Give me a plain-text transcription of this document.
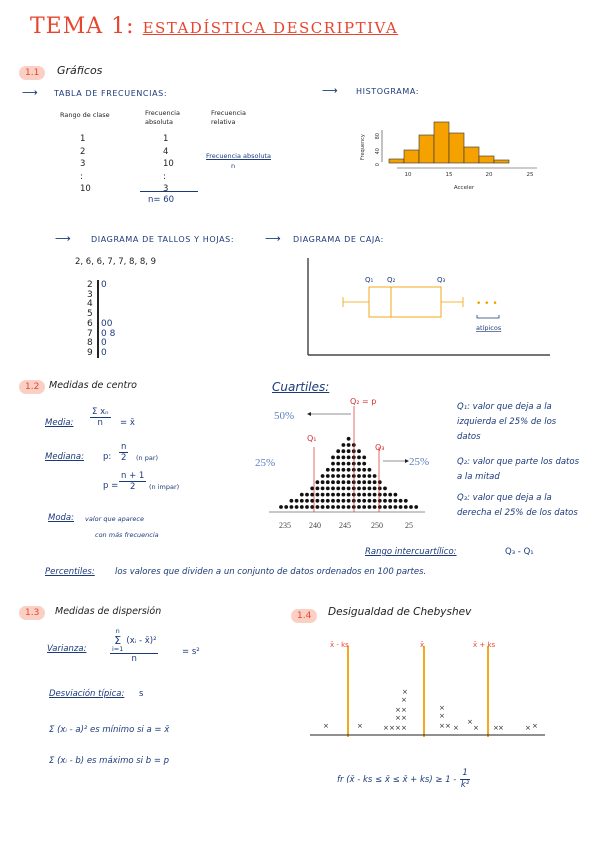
TEMA 1: ESTADÍSTICA DESCRIPTIVA
1.1	Gráficos
⟶ TABLA DE FRECUENCIAS:
Rango de clase	Frecuencia absoluta
Frecuencia relativa
1	1
2	4
3	10
:	:
10	3
n= 60
Frecuencia absoluta
n
⟶ HISTOGRAMA:
0
40
80
Frequency
10	15	20	25
Acceler
⟶	DIAGRAMA DE TALLOS Y HOJAS:
2, 6, 6, 7, 7, 8, 8, 9
2 0
3
4
5
6 00
7 0 8
8 0
9 0
⟶ DIAGRAMA DE CAJA:
Q₁ Q₂	Q₃
• • •
atípicos
1.2	Medidas de centro
Media: $\frac{\text{Σ xₙ}}{n}$ = x̄
Mediana: p: $\frac{n}{2} (n$ par)
$p = \frac{n + 1}{2} (n$ impar)
Moda: valor que aparece
con más frecuencia
Cuartiles:
50%
25%	25%
Q₂ = p
Q₁
Q₃
235 240 245	250	25
Q₁: valor que deja a la izquierda el 25% de los datos
Q₂: valor que parte los datos a la mitad
Q₃: valor que deja a la derecha el 25% de los datos
Rango intercuartílico:	Q₃ - Q₁
Percentiles: los valores que dividen a un conjunto de datos ordenados en 100 partes.
1.3	Medidas de dispersión
Varianza:	n
Σ
i=1
(xᵢ - x̄)²
n	= s²
Desviación típica: s
Σ (xᵢ - a)² es mínimo si a = x̄
Σ (xᵢ - b) es máximo si b = p
1.4	Desigualdad de Chebyshev
x̄ - ks	x̄	x̄ + ks
×	×	× × ×
×
×
×
×
×
×
×
×
×
×
× ×
×
× × ×	× ×
fr (x̄ - ks ≤ x̄ ≤ x̄ + $ks) \ge 1 - \frac{1}{\text{k²}}$
